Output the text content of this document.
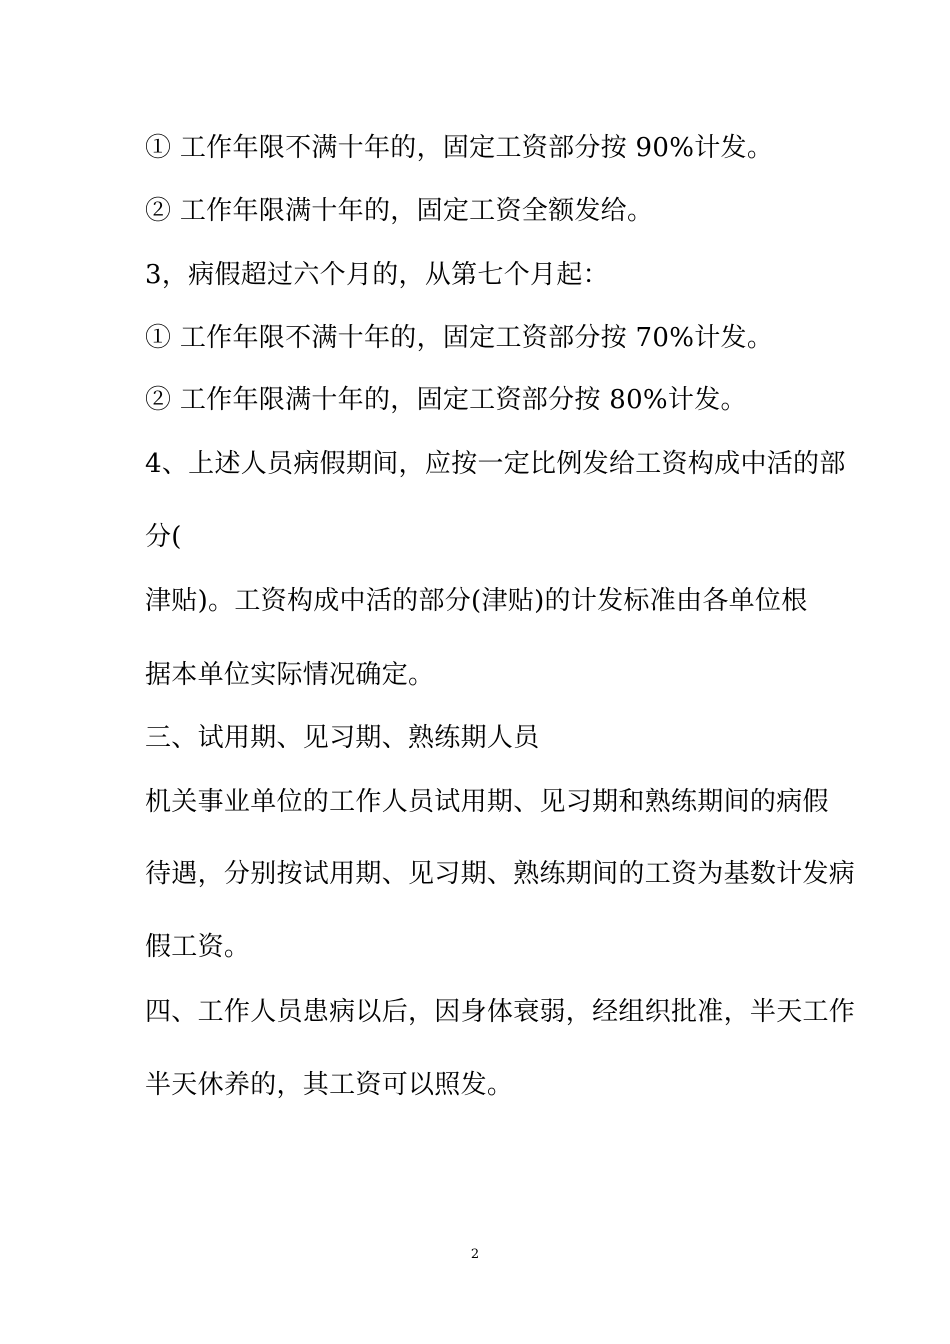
① 工作年限不满十年的，固定工资部分按 90%计发。
② 工作年限满十年的，固定工资全额发给。
3，病假超过六个月的，从第七个月起：
① 工作年限不满十年的，固定工资部分按 70%计发。
② 工作年限满十年的，固定工资部分按 80%计发。
4、上述人员病假期间，应按一定比例发给工资构成中活的部
分(
津贴)。工资构成中活的部分(津贴)的计发标准由各单位根
据本单位实际情况确定。
三、试用期、见习期、熟练期人员
机关事业单位的工作人员试用期、见习期和熟练期间的病假
待遇，分别按试用期、见习期、熟练期间的工资为基数计发病
假工资。
四、工作人员患病以后，因身体衰弱，经组织批准，半天工作
半天休养的，其工资可以照发。
2
